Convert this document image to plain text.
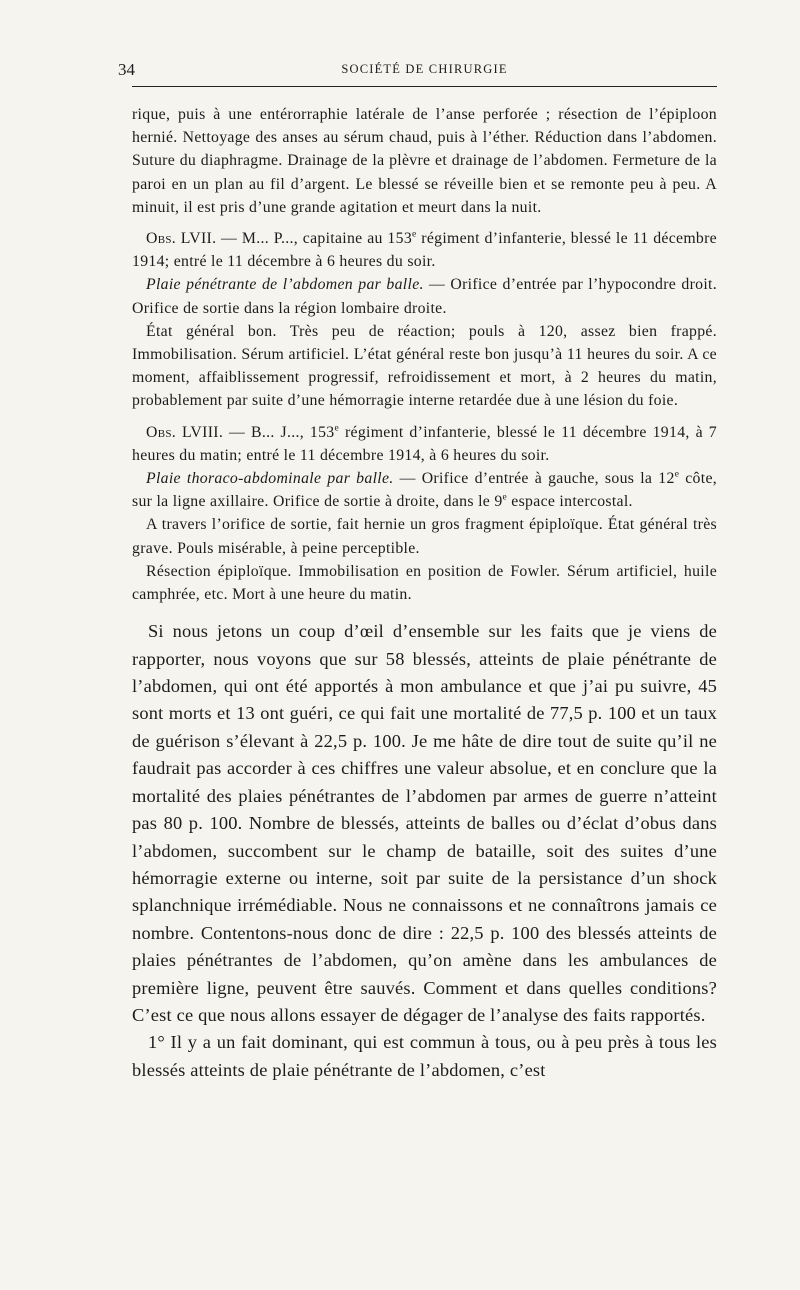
34	SOCIÉTÉ DE CHIRURGIE

rique, puis à une entérorraphie latérale de l’anse perforée ; résection de l’épiploon hernié. Nettoyage des anses au sérum chaud, puis à l’éther. Réduction dans l’abdomen. Suture du diaphragme. Drainage de la plèvre et drainage de l’abdomen. Fermeture de la paroi en un plan au fil d’argent. Le blessé se réveille bien et se remonte peu à peu. A minuit, il est pris d’une grande agitation et meurt dans la nuit.

Obs. LVII. — M... P..., capitaine au 153e régiment d’infanterie, blessé le 11 décembre 1914; entré le 11 décembre à 6 heures du soir.

Plaie pénétrante de l’abdomen par balle. — Orifice d’entrée par l’hypocondre droit. Orifice de sortie dans la région lombaire droite.

État général bon. Très peu de réaction; pouls à 120, assez bien frappé. Immobilisation. Sérum artificiel. L’état général reste bon jusqu’à 11 heures du soir. A ce moment, affaiblissement progressif, refroidissement et mort, à 2 heures du matin, probablement par suite d’une hémorragie interne retardée due à une lésion du foie.

Obs. LVIII. — B... J..., 153e régiment d’infanterie, blessé le 11 décembre 1914, à 7 heures du matin; entré le 11 décembre 1914, à 6 heures du soir.

Plaie thoraco-abdominale par balle. — Orifice d’entrée à gauche, sous la 12e côte, sur la ligne axillaire. Orifice de sortie à droite, dans le 9e espace intercostal.

A travers l’orifice de sortie, fait hernie un gros fragment épiploïque. État général très grave. Pouls misérable, à peine perceptible.

Résection épiploïque. Immobilisation en position de Fowler. Sérum artificiel, huile camphrée, etc. Mort à une heure du matin.

Si nous jetons un coup d’œil d’ensemble sur les faits que je viens de rapporter, nous voyons que sur 58 blessés, atteints de plaie pénétrante de l’abdomen, qui ont été apportés à mon ambulance et que j’ai pu suivre, 45 sont morts et 13 ont guéri, ce qui fait une mortalité de 77,5 p. 100 et un taux de guérison s’élevant à 22,5 p. 100. Je me hâte de dire tout de suite qu’il ne faudrait pas accorder à ces chiffres une valeur absolue, et en conclure que la mortalité des plaies pénétrantes de l’abdomen par armes de guerre n’atteint pas 80 p. 100. Nombre de blessés, atteints de balles ou d’éclat d’obus dans l’abdomen, succombent sur le champ de bataille, soit des suites d’une hémorragie externe ou interne, soit par suite de la persistance d’un shock splanchnique irrémédiable. Nous ne connaissons et ne connaîtrons jamais ce nombre. Contentons-nous donc de dire : 22,5 p. 100 des blessés atteints de plaies pénétrantes de l’abdomen, qu’on amène dans les ambulances de première ligne, peuvent être sauvés. Comment et dans quelles conditions? C’est ce que nous allons essayer de dégager de l’analyse des faits rapportés.

1° Il y a un fait dominant, qui est commun à tous, ou à peu près à tous les blessés atteints de plaie pénétrante de l’abdomen, c’est
